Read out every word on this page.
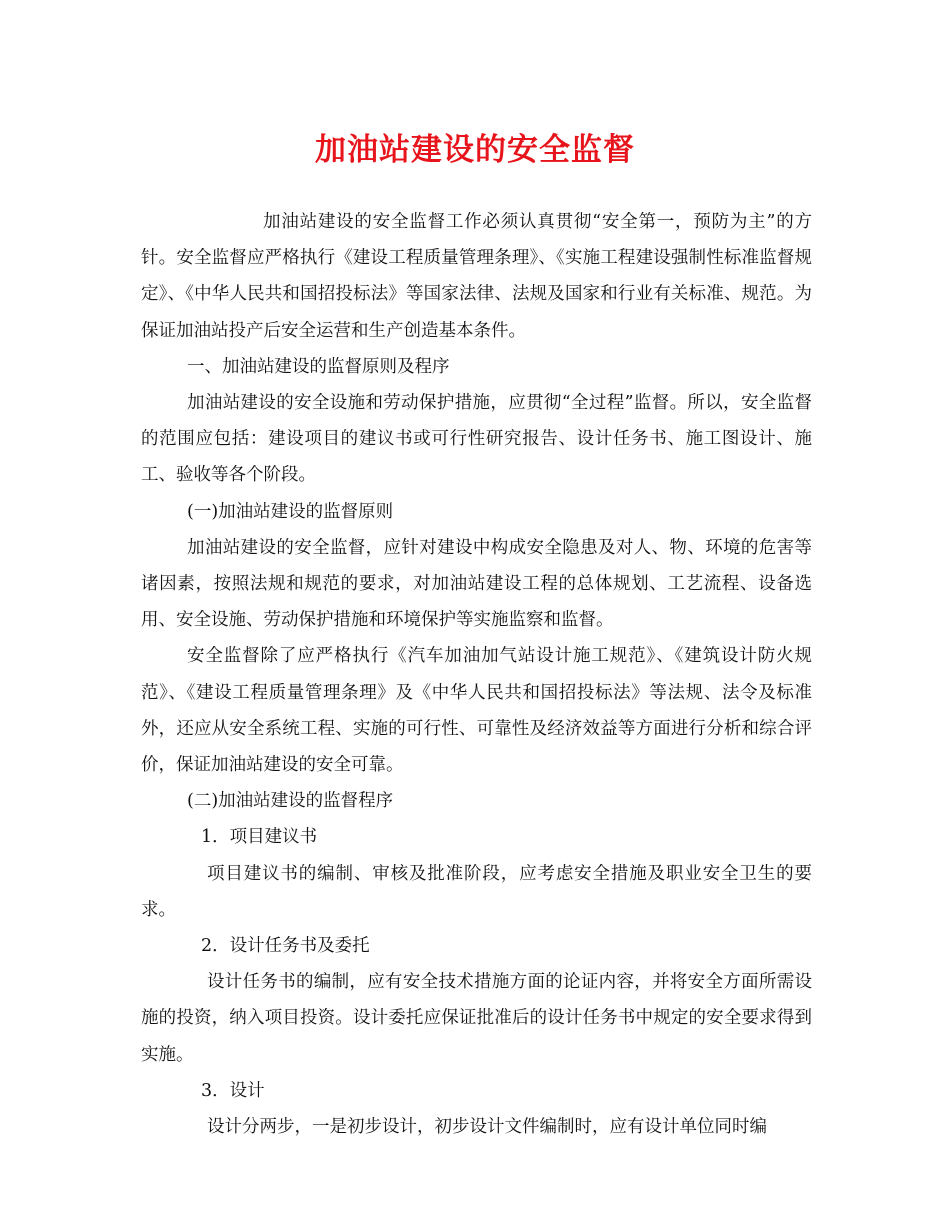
加油站建设的安全监督

加油站建设的安全监督工作必须认真贯彻“安全第一，预防为主”的方针。安全监督应严格执行《建设工程质量管理条理》、《实施工程建设强制性标准监督规定》、《中华人民共和国招投标法》等国家法律、法规及国家和行业有关标准、规范。为保证加油站投产后安全运营和生产创造基本条件。

一、加油站建设的监督原则及程序

加油站建设的安全设施和劳动保护措施，应贯彻“全过程”监督。所以，安全监督的范围应包括：建设项目的建议书或可行性研究报告、设计任务书、施工图设计、施工、验收等各个阶段。

(一)加油站建设的监督原则

加油站建设的安全监督，应针对建设中构成安全隐患及对人、物、环境的危害等诸因素，按照法规和规范的要求，对加油站建设工程的总体规划、工艺流程、设备选用、安全设施、劳动保护措施和环境保护等实施监察和监督。

安全监督除了应严格执行《汽车加油加气站设计施工规范》、《建筑设计防火规范》、《建设工程质量管理条理》及《中华人民共和国招投标法》等法规、法令及标准外，还应从安全系统工程、实施的可行性、可靠性及经济效益等方面进行分析和综合评价，保证加油站建设的安全可靠。

(二)加油站建设的监督程序

1．项目建议书

项目建议书的编制、审核及批准阶段，应考虑安全措施及职业安全卫生的要求。

2．设计任务书及委托

设计任务书的编制，应有安全技术措施方面的论证内容，并将安全方面所需设施的投资，纳入项目投资。设计委托应保证批准后的设计任务书中规定的安全要求得到实施。

3．设计

设计分两步，一是初步设计，初步设计文件编制时，应有设计单位同时编
